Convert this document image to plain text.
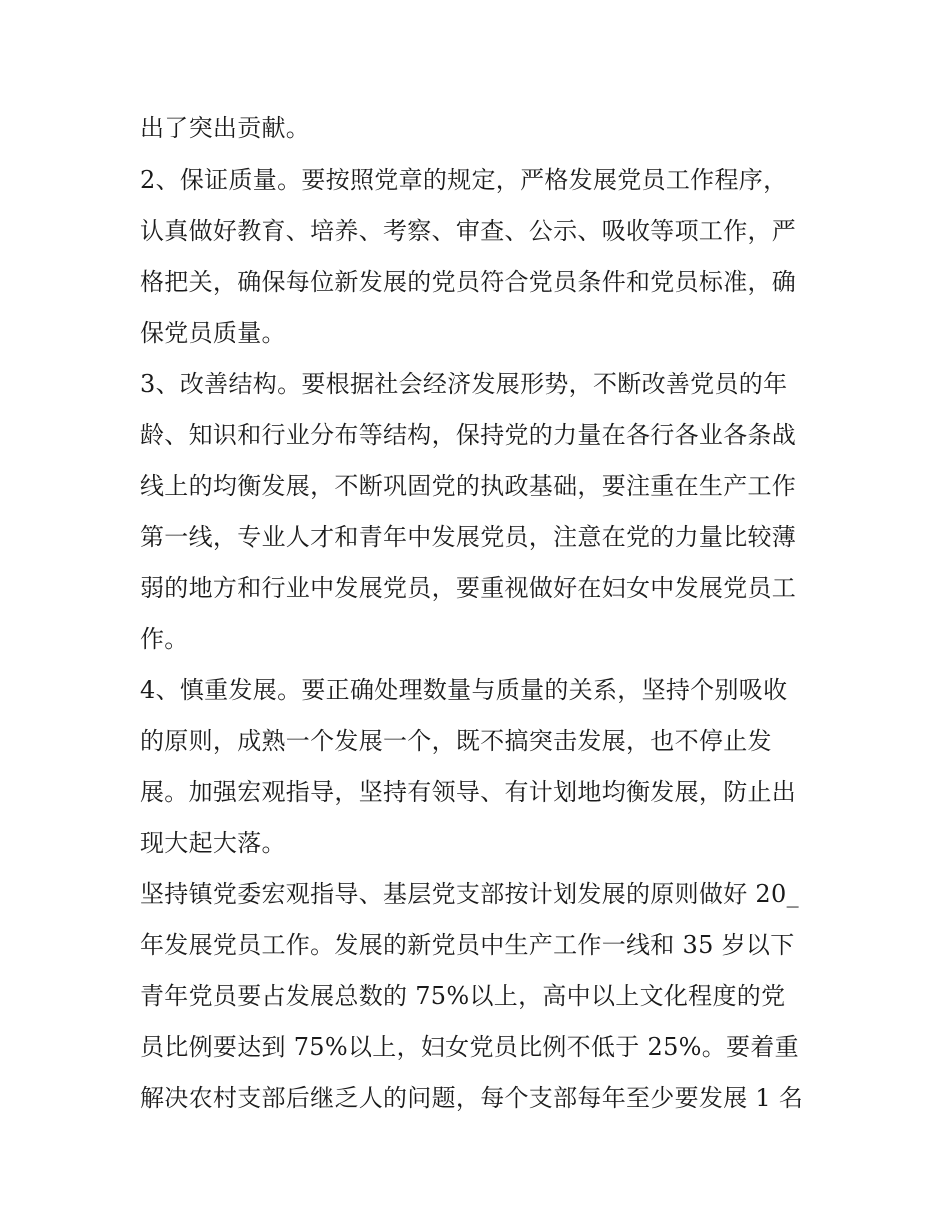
出了突出贡献。
2、保证质量。要按照党章的规定，严格发展党员工作程序，
认真做好教育、培养、考察、审查、公示、吸收等项工作，严
格把关，确保每位新发展的党员符合党员条件和党员标准，确
保党员质量。
3、改善结构。要根据社会经济发展形势，不断改善党员的年
龄、知识和行业分布等结构，保持党的力量在各行各业各条战
线上的均衡发展，不断巩固党的执政基础，要注重在生产工作
第一线，专业人才和青年中发展党员，注意在党的力量比较薄
弱的地方和行业中发展党员，要重视做好在妇女中发展党员工
作。
4、慎重发展。要正确处理数量与质量的关系，坚持个别吸收
的原则，成熟一个发展一个，既不搞突击发展，也不停止发
展。加强宏观指导，坚持有领导、有计划地均衡发展，防止出
现大起大落。
坚持镇党委宏观指导、基层党支部按计划发展的原则做好 20_
年发展党员工作。发展的新党员中生产工作一线和 35 岁以下
青年党员要占发展总数的 75%以上，高中以上文化程度的党
员比例要达到 75%以上，妇女党员比例不低于 25%。要着重
解决农村支部后继乏人的问题，每个支部每年至少要发展 1 名
